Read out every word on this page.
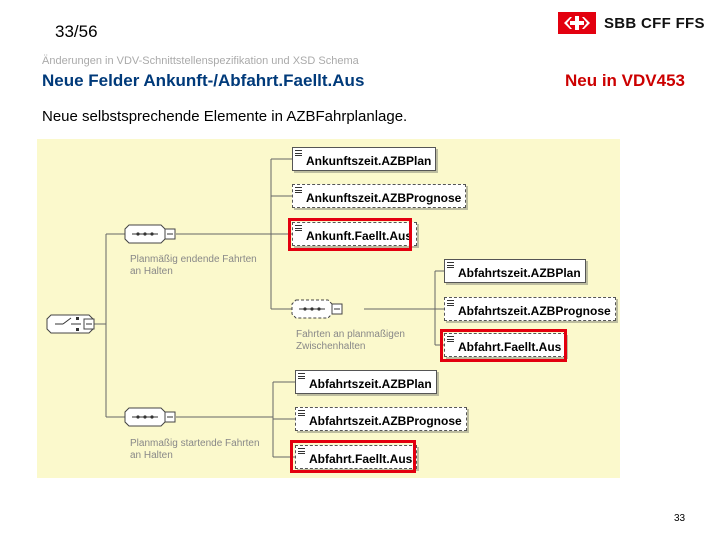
33/56	SBB CFF FFS
Änderungen in VDV-Schnittstellenspezifikation und XSD Schema
Neue Felder Ankunft-/Abfahrt.Faellt.Aus	Neu in VDV453
Neue selbstsprechende Elemente in AZBFahrplanlage.
Planmäßig endende Fahrten an Halten
Fahrten an planmaßigen Zwischenhalten
Planmaßig startende Fahrten an Halten
Ankunftszeit.AZBPlan
Ankunftszeit.AZBPrognose
Ankunft.Faellt.Aus
Abfahrtszeit.AZBPlan
Abfahrtszeit.AZBPrognose
Abfahrt.Faellt.Aus
Abfahrtszeit.AZBPlan
Abfahrtszeit.AZBPrognose
Abfahrt.Faellt.Aus
33
